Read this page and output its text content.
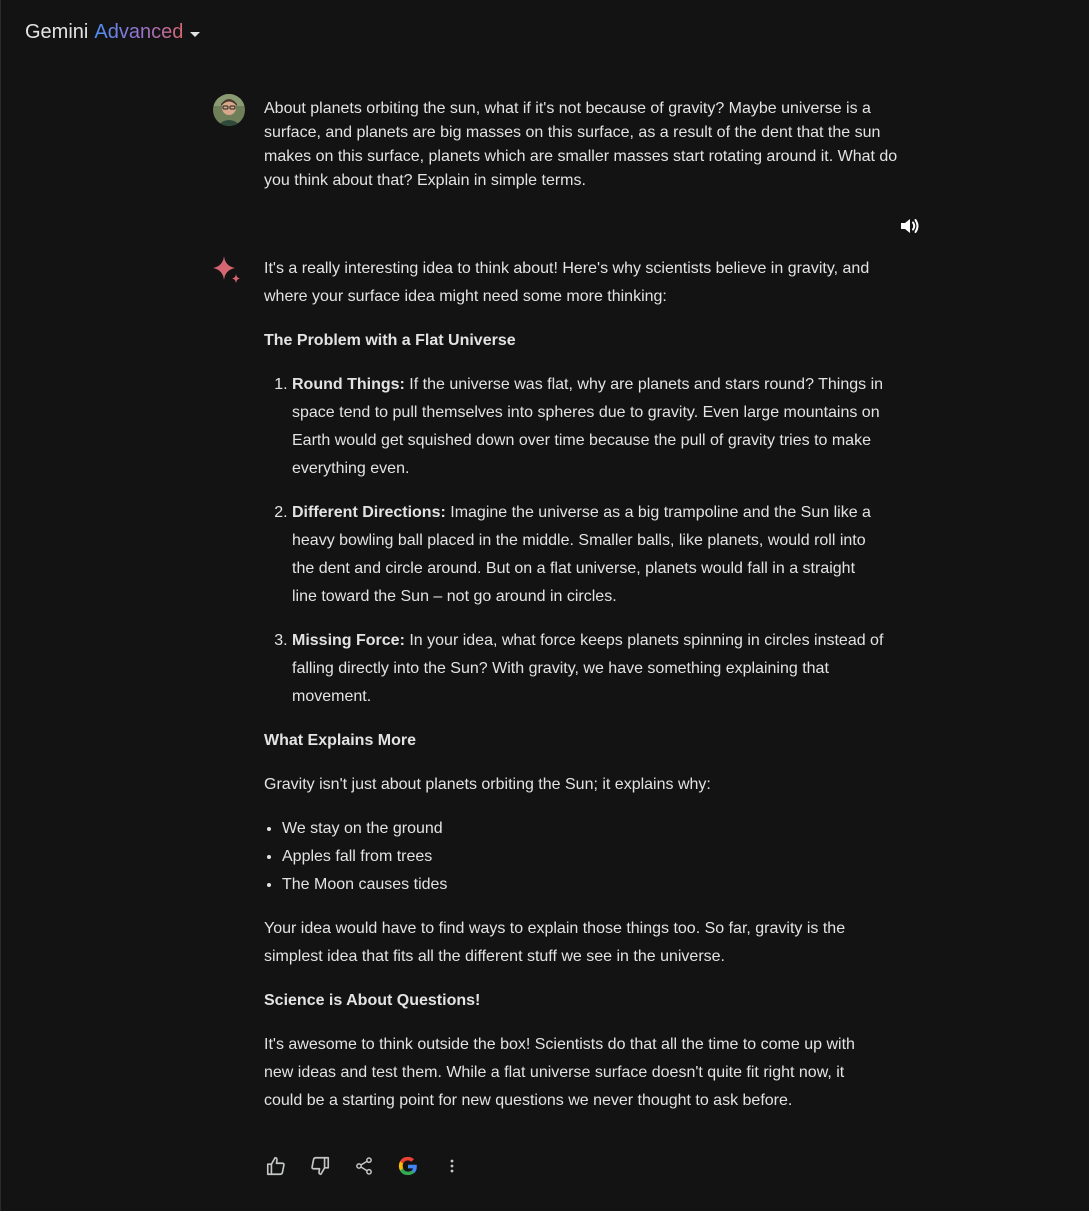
Gemini Advanced
About planets orbiting the sun, what if it's not because of gravity? Maybe universe is a surface, and planets are big masses on this surface, as a result of the dent that the sun makes on this surface, planets which are smaller masses start rotating around it. What do you think about that? Explain in simple terms.

It's a really interesting idea to think about! Here's why scientists believe in gravity, and where your surface idea might need some more thinking:

The Problem with a Flat Universe
1. Round Things: If the universe was flat, why are planets and stars round? Things in space tend to pull themselves into spheres due to gravity. Even large mountains on Earth would get squished down over time because the pull of gravity tries to make everything even.
2. Different Directions: Imagine the universe as a big trampoline and the Sun like a heavy bowling ball placed in the middle. Smaller balls, like planets, would roll into the dent and circle around. But on a flat universe, planets would fall in a straight line toward the Sun – not go around in circles.
3. Missing Force: In your idea, what force keeps planets spinning in circles instead of falling directly into the Sun? With gravity, we have something explaining that movement.
What Explains More

Gravity isn't just about planets orbiting the Sun; it explains why:

• We stay on the ground
• Apples fall from trees
• The Moon causes tides

Your idea would have to find ways to explain those things too. So far, gravity is the simplest idea that fits all the different stuff we see in the universe.

Science is About Questions!

It's awesome to think outside the box! Scientists do that all the time to come up with new ideas and test them. While a flat universe surface doesn't quite fit right now, it could be a starting point for new questions we never thought to ask before.
